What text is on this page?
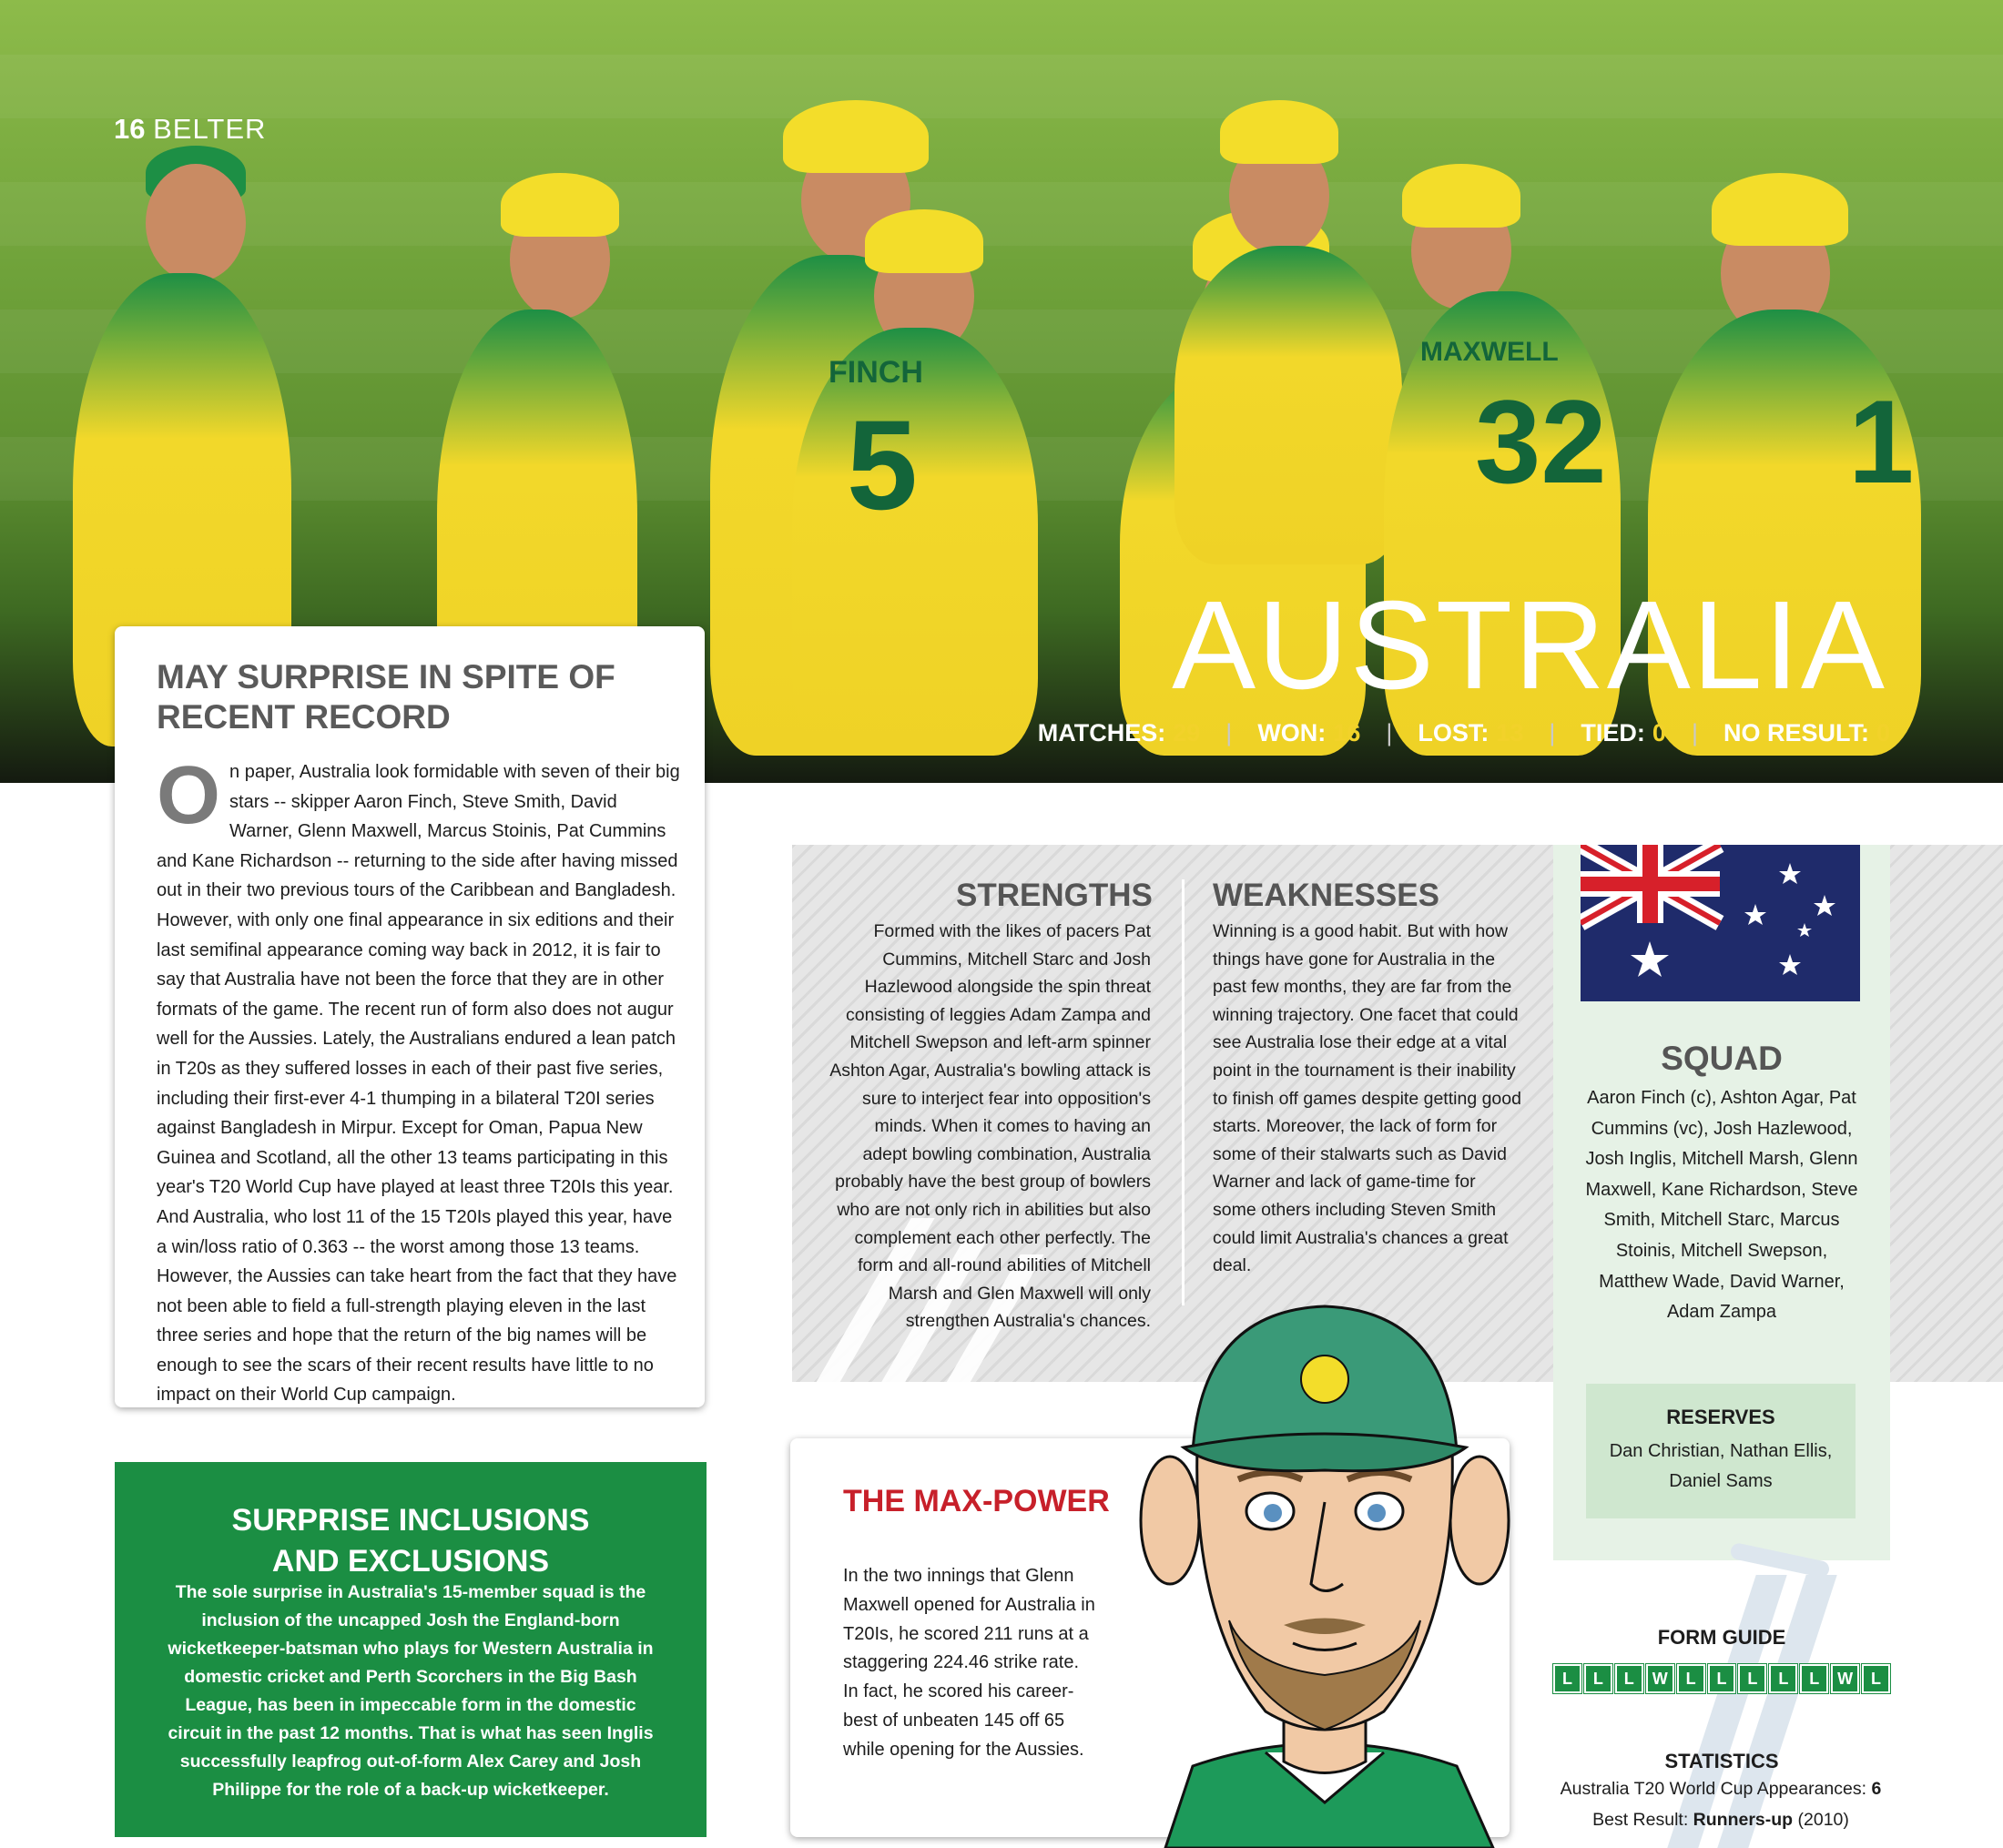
FINCH
5
MAXWELL
32 1
16 BELTER
AUSTRALIA
MATCHES: 29 | WON: 16 | LOST: 13 | TIED: 0 | NO RESULT: 0
MAY SURPRISE IN SPITE OF RECENT RECORD
On paper, Australia look formidable with seven of their big stars -- skipper Aaron Finch, Steve Smith, David Warner, Glenn Maxwell, Marcus Stoinis, Pat Cummins and Kane Richardson -- returning to the side after having missed out in their two previous tours of the Caribbean and Bangladesh. However, with only one final appearance in six editions and their last semifinal appearance coming way back in 2012, it is fair to say that Australia have not been the force that they are in other formats of the game. The recent run of form also does not augur well for the Aussies. Lately, the Australians endured a lean patch in T20s as they suffered losses in each of their past five series, including their first-ever 4-1 thumping in a bilateral T20I series against Bangladesh in Mirpur. Except for Oman, Papua New Guinea and Scotland, all the other 13 teams participating in this year's T20 World Cup have played at least three T20Is this year. And Australia, who lost 11 of the 15 T20Is played this year, have a win/loss ratio of 0.363 -- the worst among those 13 teams. However, the Aussies can take heart from the fact that they have not been able to field a full-strength playing eleven in the last three series and hope that the return of the big names will be enough to see the scars of their recent results have little to no impact on their World Cup campaign.
SURPRISE INCLUSIONS
AND EXCLUSIONS

The sole surprise in Australia's 15-member squad is the inclusion of the uncapped Josh the England-born wicketkeeper-batsman who plays for Western Australia in domestic cricket and Perth Scorchers in the Big Bash League, has been in impeccable form in the domestic circuit in the past 12 months. That is what has seen Inglis successfully leapfrog out-of-form Alex Carey and Josh Philippe for the role of a back-up wicketkeeper.

STRENGTHS
Formed with the likes of pacers Pat Cummins, Mitchell Starc and Josh Hazlewood alongside the spin threat consisting of leggies Adam Zampa and Mitchell Swepson and left-arm spinner Ashton Agar, Australia's bowling attack is sure to interject fear into opposition's minds. When it comes to having an adept bowling combination, Australia probably have the best group of bowlers who are not only rich in abilities but also complement each other perfectly. The form and all-round abilities of Mitchell Marsh and Glen Maxwell will only strengthen Australia's chances.
WEAKNESSES
Winning is a good habit. But with how things have gone for Australia in the past few months, they are far from the winning trajectory. One facet that could see Australia lose their edge at a vital point in the tournament is their inability to finish off games despite getting good starts. Moreover, the lack of form for some of their stalwarts such as David Warner and lack of game-time for some others including Steven Smith could limit Australia's chances a great deal.
SQUAD
Aaron Finch (c), Ashton Agar, Pat Cummins (vc), Josh Hazlewood, Josh Inglis, Mitchell Marsh, Glenn Maxwell, Kane Richardson, Steve Smith, Mitchell Starc, Marcus Stoinis, Mitchell Swepson, Matthew Wade, David Warner, Adam Zampa
RESERVES
Dan Christian, Nathan Ellis, Daniel Sams
FORM GUIDE
L	L	L	W	L	L	L	L	L	W	L
STATISTICS
Australia T20 World Cup Appearances: 6
Best Result: Runners-up (2010)
THE MAX-POWER
In the two innings that Glenn Maxwell opened for Australia in T20Is, he scored 211 runs at a staggering 224.46 strike rate. In fact, he scored his career-best of unbeaten 145 off 65 while opening for the Aussies.
